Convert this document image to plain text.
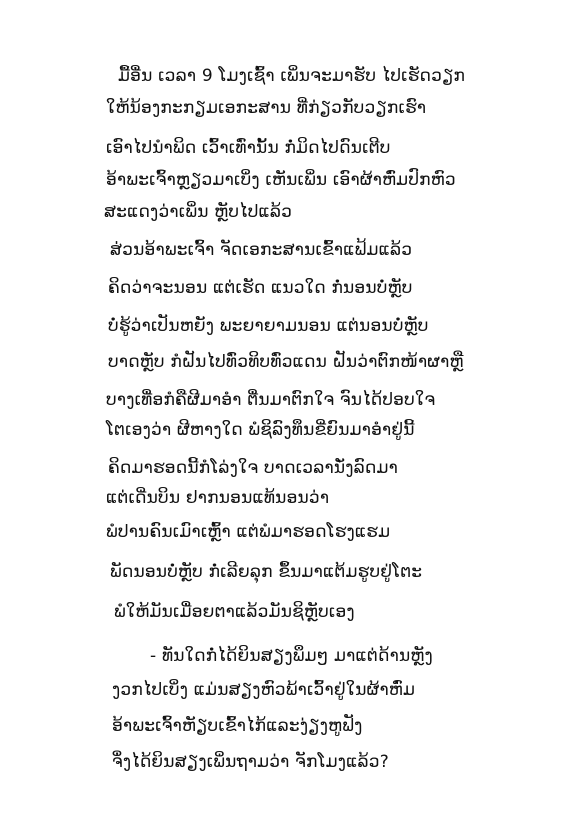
ມື້ອື່ນ ເວລາ 9 ໂມງເຊົ້າ ເພິ່ນຈະມາຮັບ ໄປເຮັດວຽກ
ໃຫ້ນ້ອງກະກຽມເອກະສານ ທີ່ກ່ຽວກັບວຽກເຮົາ
ເອົາໄປນຳພິດ ເວົ້າເທົ່ານັ້ນ ກໍ່ມິດໄປດົນເຕີບ
ອ້າພະເຈົ້າຫຼຽວມາເບິ່ງ ເຫັນເພິ່ນ ເອົາຜ້າຫົ່ມປົກຫົວ
ສະແດງວ່າເພິ່ນ ຫຼັບໄປແລ້ວ
ສ່ວນອ້າພະເຈົ້າ ຈັດເອກະສານເຂົ້າແຟ້ມແລ້ວ
ຄິດວ່າຈະນອນ ແຕ່ເຮັດ ແນວໃດ ກໍ່ນອນບໍ່ຫຼັບ
ບໍ່ຮູ້ວ່າເປັນຫຍັງ ພະຍາຍາມນອນ ແຕ່ນອນບໍ່ຫຼັບ
ບາດຫຼັບ ກໍຝັນໄປທົ່ວທິບທົ່ວແດນ ຝັນວ່າຕົກໜ້າຜາຫຼື
ບາງເທື່ອກໍຄືຜີມາອໍາ ຕື່ນມາຕົກໃຈ ຈົນໄດ້ປອບໃຈ
ໂຕເອງວ່າ ຜີຫາງໃດ ພໍຊິລົງທຶນຂີ່ຍົນມາອໍາຢູ່ນີ້
ຄິດມາຮອດນີ້ກໍໂລ່ງໃຈ ບາດເວລານັ່ງລົດມາ
ແຕ່ເດີ່ນບິນ ຢາກນອນແທ້ນອນວ່າ
ພໍປານຄົນເມົາເຫຼົ້າ ແຕ່ພໍມາຮອດໂຮງແຮມ
ພັດນອນບໍ່ຫຼັບ ກໍ່ເລີຍລຸກ ຂຶ້ນມາແຕ້ມຮູບຢູ່ໂຕະ
ພໍໃຫ້ມັນເມື່ອຍຕາແລ້ວມັນຊິຫຼັບເອງ
- ທັນໃດກໍ່ໄດ້ຍິນສຽງພຶມໆ ມາແຕ່ດ້ານຫຼັງ
ງວກໄປເບິ່ງ ແມ່ນສຽງຫົວພ້າເວົ້າຢູ່ໃນຜ້າຫົ່ມ
ອ້າພະເຈົ້າຫັຽບເຂົ້າໄກ້ແລະງ່ຽງຫູຟັງ
ຈຶ່ງໄດ້ຍິນສຽງເພິ່ນຖາມວ່າ ຈັກໂມງແລ້ວ?
